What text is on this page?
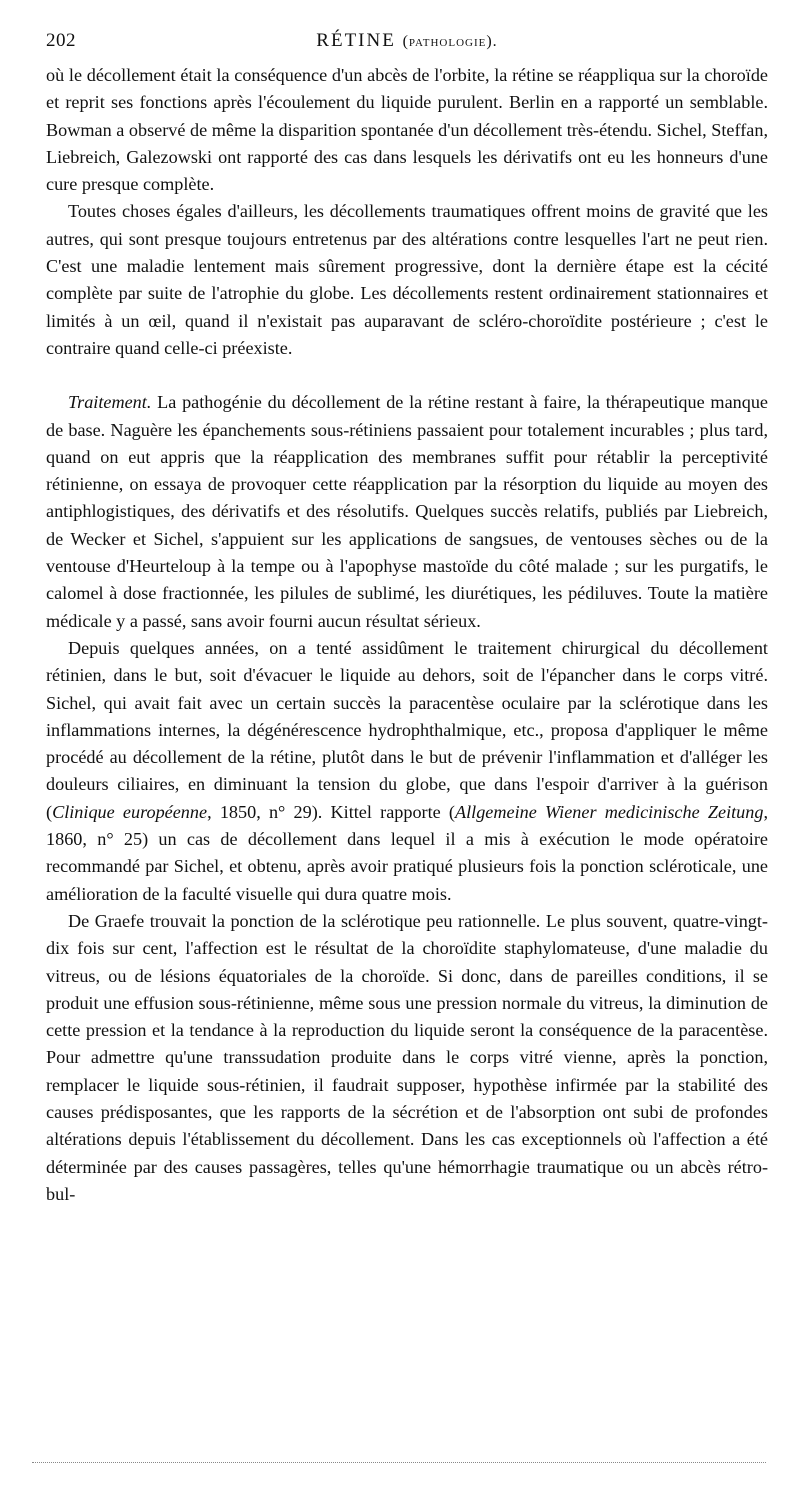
202	RÉTINE (pathologie).

où le décollement était la conséquence d'un abcès de l'orbite, la rétine se réappliqua sur la choroïde et reprit ses fonctions après l'écoulement du liquide purulent. Berlin en a rapporté un semblable. Bowman a observé de même la disparition spontanée d'un décollement très-étendu. Sichel, Steffan, Liebreich, Galezowski ont rapporté des cas dans lesquels les dérivatifs ont eu les honneurs d'une cure presque complète.

Toutes choses égales d'ailleurs, les décollements traumatiques offrent moins de gravité que les autres, qui sont presque toujours entretenus par des altérations contre lesquelles l'art ne peut rien. C'est une maladie lentement mais sûrement progressive, dont la dernière étape est la cécité complète par suite de l'atrophie du globe. Les décollements restent ordinairement stationnaires et limités à un œil, quand il n'existait pas auparavant de scléro-choroïdite postérieure ; c'est le contraire quand celle-ci préexiste.

Traitement. La pathogénie du décollement de la rétine restant à faire, la thérapeutique manque de base. Naguère les épanchements sous-rétiniens passaient pour totalement incurables ; plus tard, quand on eut appris que la réapplication des membranes suffit pour rétablir la perceptivité rétinienne, on essaya de provoquer cette réapplication par la résorption du liquide au moyen des antiphlogistiques, des dérivatifs et des résolutifs. Quelques succès relatifs, publiés par Liebreich, de Wecker et Sichel, s'appuient sur les applications de sangsues, de ventouses sèches ou de la ventouse d'Heurteloup à la tempe ou à l'apophyse mastoïde du côté malade ; sur les purgatifs, le calomel à dose fractionnée, les pilules de sublimé, les diurétiques, les pédiluves. Toute la matière médicale y a passé, sans avoir fourni aucun résultat sérieux.

Depuis quelques années, on a tenté assidûment le traitement chirurgical du décollement rétinien, dans le but, soit d'évacuer le liquide au dehors, soit de l'épancher dans le corps vitré. Sichel, qui avait fait avec un certain succès la paracentèse oculaire par la sclérotique dans les inflammations internes, la dégénérescence hydrophthalmique, etc., proposa d'appliquer le même procédé au décollement de la rétine, plutôt dans le but de prévenir l'inflammation et d'alléger les douleurs ciliaires, en diminuant la tension du globe, que dans l'espoir d'arriver à la guérison (Clinique européenne, 1850, n° 29). Kittel rapporte (Allgemeine Wiener medicinische Zeitung, 1860, n° 25) un cas de décollement dans lequel il a mis à exécution le mode opératoire recommandé par Sichel, et obtenu, après avoir pratiqué plusieurs fois la ponction scléroticale, une amélioration de la faculté visuelle qui dura quatre mois.

De Graefe trouvait la ponction de la sclérotique peu rationnelle. Le plus souvent, quatre-vingt-dix fois sur cent, l'affection est le résultat de la choroïdite staphylomateuse, d'une maladie du vitreus, ou de lésions équatoriales de la choroïde. Si donc, dans de pareilles conditions, il se produit une effusion sous-rétinienne, même sous une pression normale du vitreus, la diminution de cette pression et la tendance à la reproduction du liquide seront la conséquence de la paracentèse. Pour admettre qu'une transsudation produite dans le corps vitré vienne, après la ponction, remplacer le liquide sous-rétinien, il faudrait supposer, hypothèse infirmée par la stabilité des causes prédisposantes, que les rapports de la sécrétion et de l'absorption ont subi de profondes altérations depuis l'établissement du décollement. Dans les cas exceptionnels où l'affection a été déterminée par des causes passagères, telles qu'une hémorrhagie traumatique ou un abcès rétro-bul-
